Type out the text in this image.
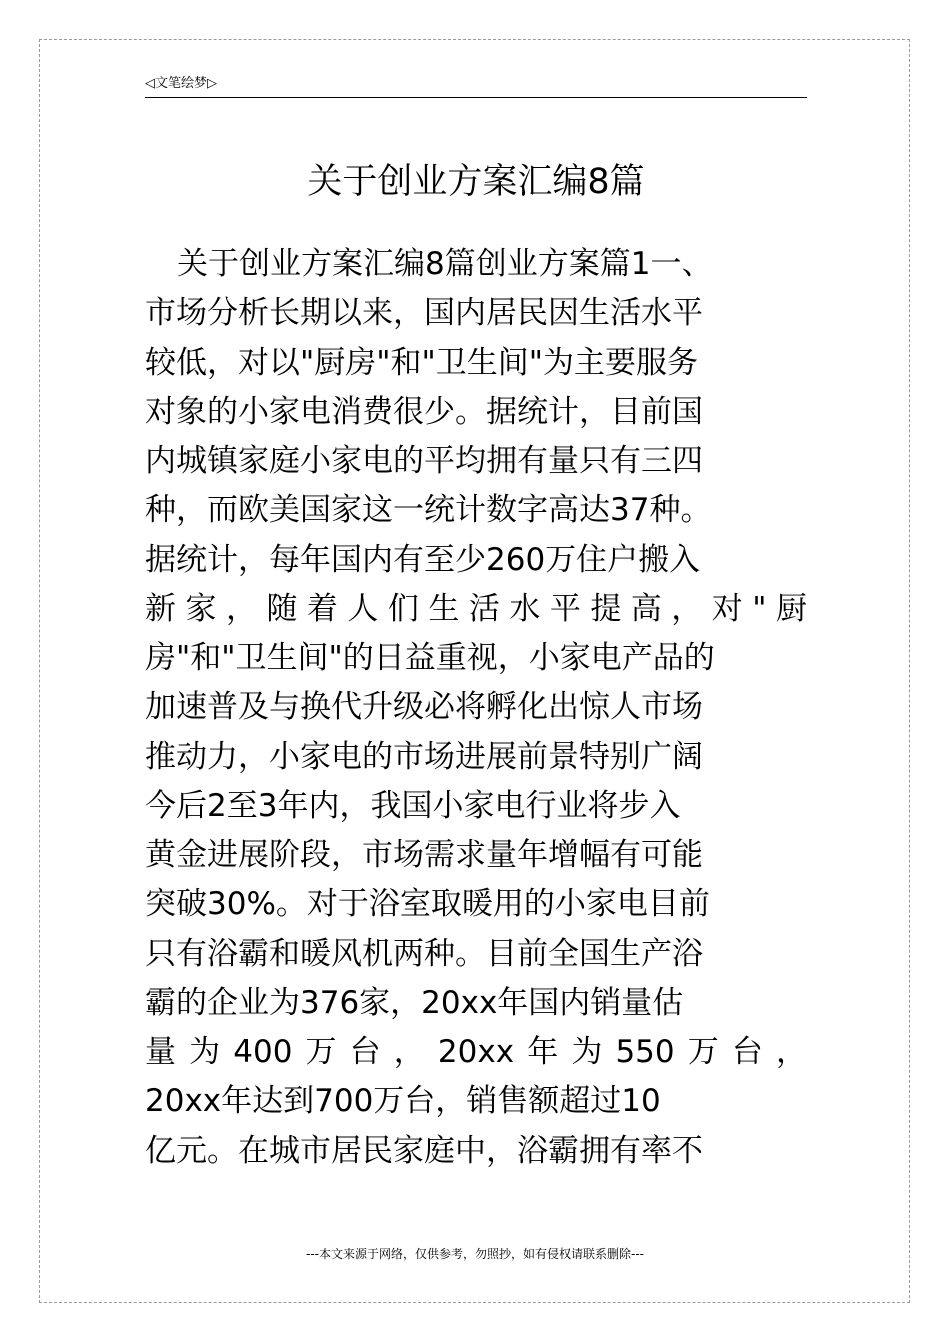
◁文笔绘梦▷
关于创业方案汇编8篇
关于创业方案汇编8篇创业方案篇1一、
市场分析长期以来，国内居民因生活水平
较低，对以"厨房"和"卫生间"为主要服务
对象的小家电消费很少。据统计，目前国
内城镇家庭小家电的平均拥有量只有三四
种，而欧美国家这一统计数字高达37种。
据统计，每年国内有至少260万住户搬入
新家，随着人们生活水平提高，对"厨
房"和"卫生间"的日益重视，小家电产品的
加速普及与换代升级必将孵化出惊人市场
推动力，小家电的市场进展前景特别广阔
今后2至3年内，我国小家电行业将步入
黄金进展阶段，市场需求量年增幅有可能
突破30%。对于浴室取暖用的小家电目前
只有浴霸和暖风机两种。目前全国生产浴
霸的企业为376家，20xx年国内销量估
量为400万台，20xx年为550万台，
20xx年达到700万台，销售额超过10
亿元。在城市居民家庭中，浴霸拥有率不
---本文来源于网络，仅供参考，勿照抄，如有侵权请联系删除---
